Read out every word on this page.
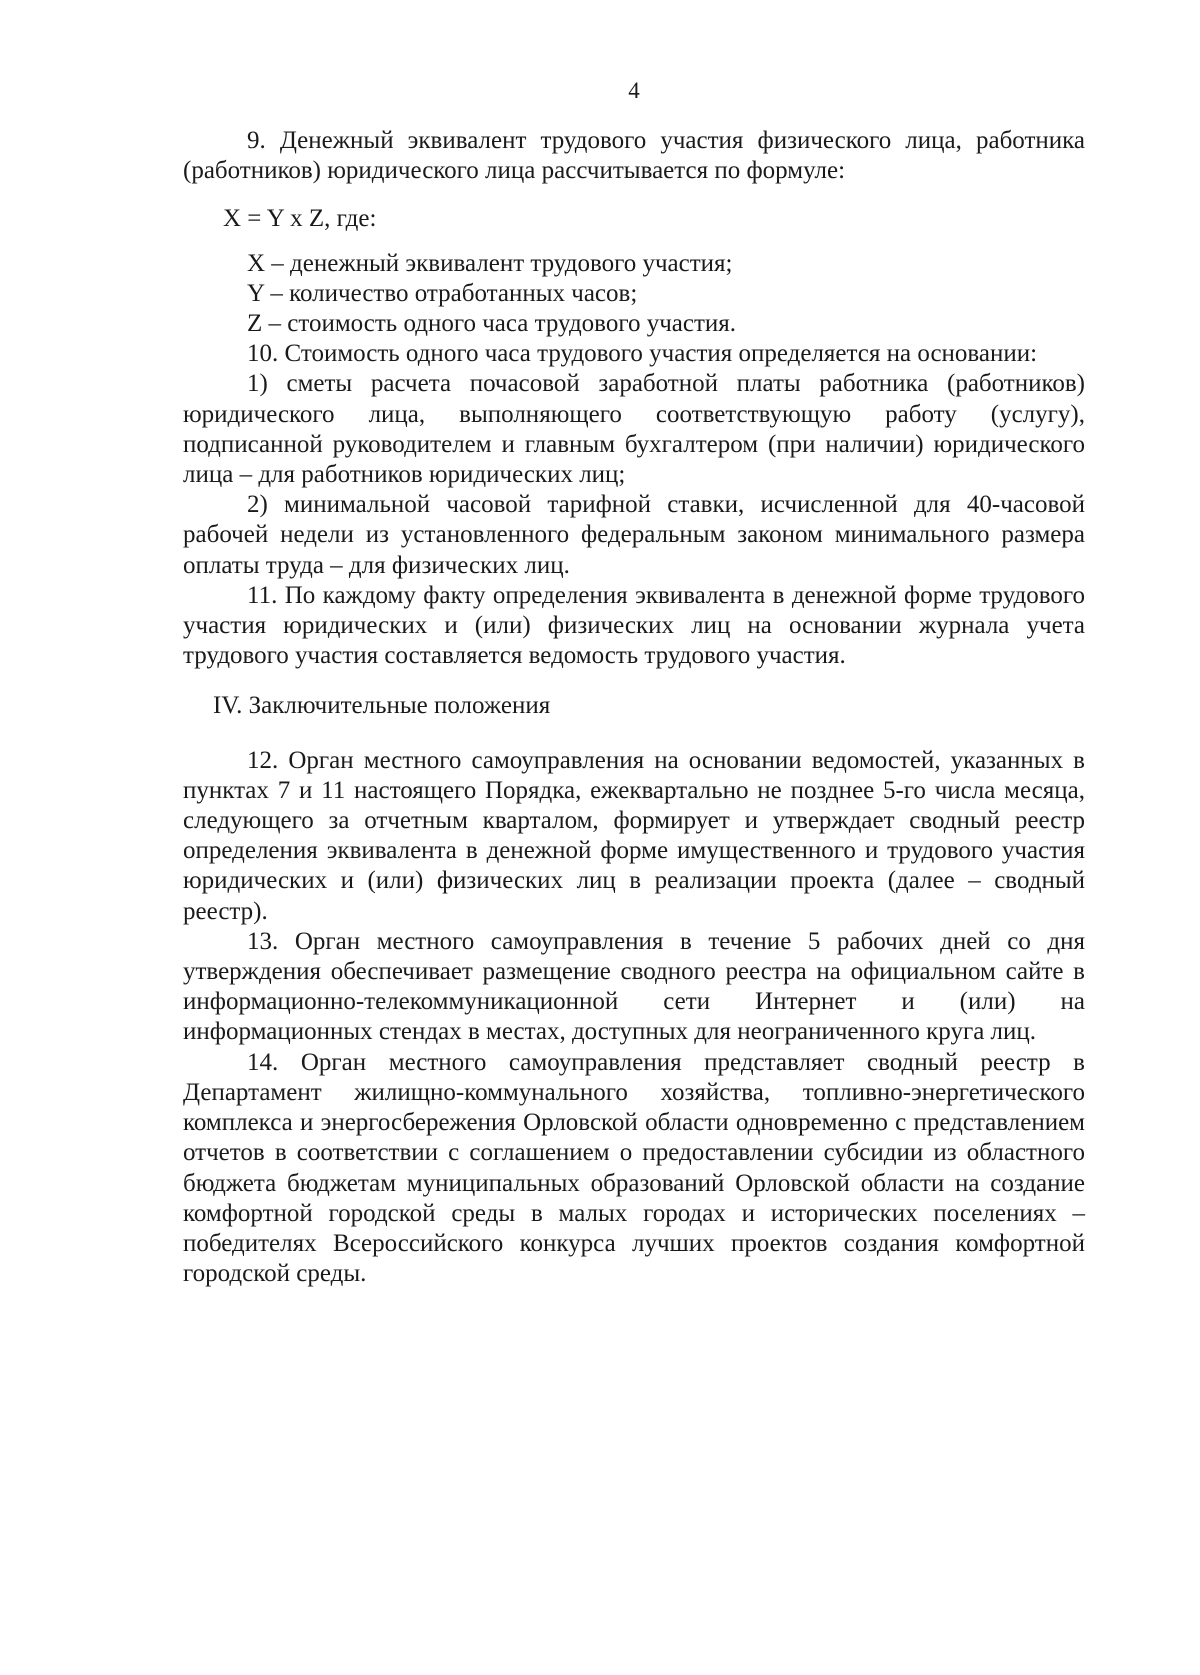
4

9. Денежный эквивалент трудового участия физического лица, работника (работников) юридического лица рассчитывается по формуле:

X = Y x Z, где:

X – денежный эквивалент трудового участия;

Y – количество отработанных часов;

Z – стоимость одного часа трудового участия.

10. Стоимость одного часа трудового участия определяется на основании:

1) сметы расчета почасовой заработной платы работника (работников) юридического лица, выполняющего соответствующую работу (услугу), подписанной руководителем и главным бухгалтером (при наличии) юридического лица – для работников юридических лиц;

2) минимальной часовой тарифной ставки, исчисленной для 40-часовой рабочей недели из установленного федеральным законом минимального размера оплаты труда – для физических лиц.

11. По каждому факту определения эквивалента в денежной форме трудового участия юридических и (или) физических лиц на основании журнала учета трудового участия составляется ведомость трудового участия.

IV. Заключительные положения

12. Орган местного самоуправления на основании ведомостей, указанных в пунктах 7 и 11 настоящего Порядка, ежеквартально не позднее 5-го числа месяца, следующего за отчетным кварталом, формирует и утверждает сводный реестр определения эквивалента в денежной форме имущественного и трудового участия юридических и (или) физических лиц в реализации проекта (далее – сводный реестр).

13. Орган местного самоуправления в течение 5 рабочих дней со дня утверждения обеспечивает размещение сводного реестра на официальном сайте в информационно-телекоммуникационной сети Интернет и (или) на информационных стендах в местах, доступных для неограниченного круга лиц.

14. Орган местного самоуправления представляет сводный реестр в Департамент жилищно-коммунального хозяйства, топливно-энергетического комплекса и энергосбережения Орловской области одновременно с представлением отчетов в соответствии с соглашением о предоставлении субсидии из областного бюджета бюджетам муниципальных образований Орловской области на создание комфортной городской среды в малых городах и исторических поселениях – победителях Всероссийского конкурса лучших проектов создания комфортной городской среды.
